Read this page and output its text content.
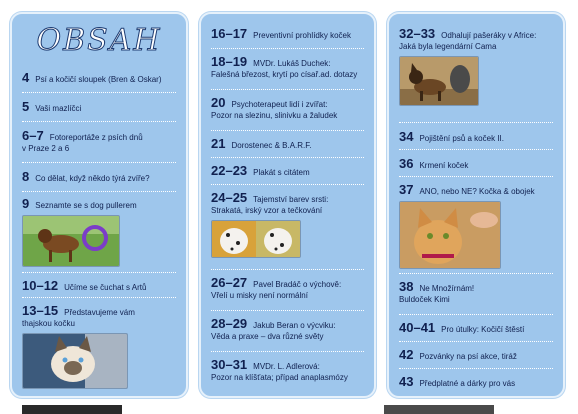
OBSAH
4 Psí a kočičí sloupek (Bren & Oskar)
5 Vaši mazlíčci
6–7 Fotoreportáže z psích dnů
v Praze 2 a 6
8 Co dělat, když někdo týrá zvíře?
9 Seznamte se s dog pullerem
10–12 Učíme se čuchat s Artů
13–15 Představujeme vám
thajskou kočku
16–17 Preventivní prohlídky koček
18–19 MVDr. Lukáš Duchek:
Falešná březost, krytí po císař.ad. dotazy
20 Psychoterapeut lidí i zvířat:
Pozor na slezinu, slinivku a žaludek
21 Dorostenec & B.A.R.F.
22–23 Plakát s citátem
24–25 Tajemství barev srsti:
Strakatá, irský vzor a tečkování
26–27 Pavel Bradáč o výchově:
Vřelí u misky není normální
28–29 Jakub Beran o výcviku:
Věda a praxe – dva různé světy
30–31 MVDr. L. Adlerová:
Pozor na klíšťata; případ anaplasmózy
32–33 Odhalují pašeráky v Africe:
Jaká byla legendární Cama
34 Pojištění psů a koček II.
36 Krmení koček
37 ANO, nebo NE? Kočka & obojek
38 Ne Množírnám!
Buldoček Kimi
40–41 Pro útulky: Kočičí štěstí
42 Pozvánky na psí akce, tiráž
43 Předplatné a dárky pro vás
